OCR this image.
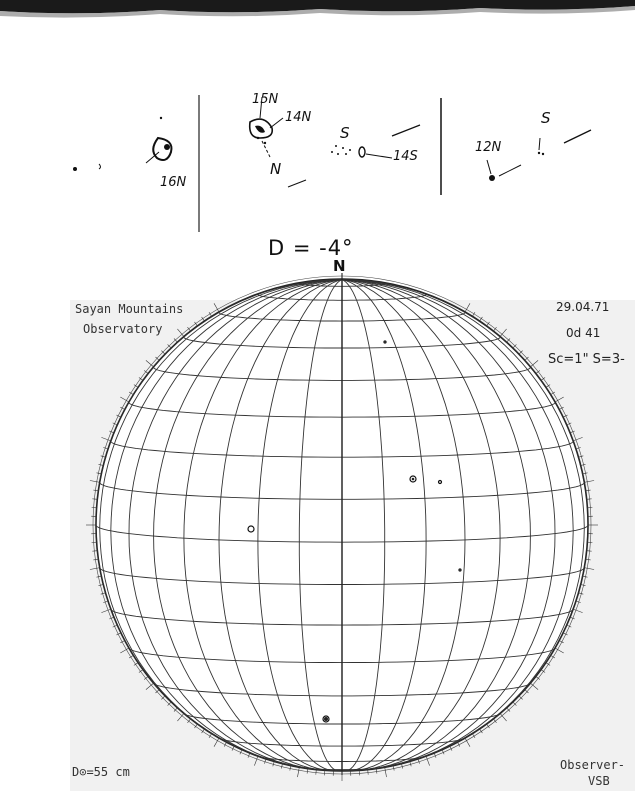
16N
15N
14N
N
S
14S
12N
S
D = -4°
N
Sayan Mountains
Observatory
29.04.71
0d 41
Sc=1" S=3-
D⊙=55 cm	Observer-
VSB
